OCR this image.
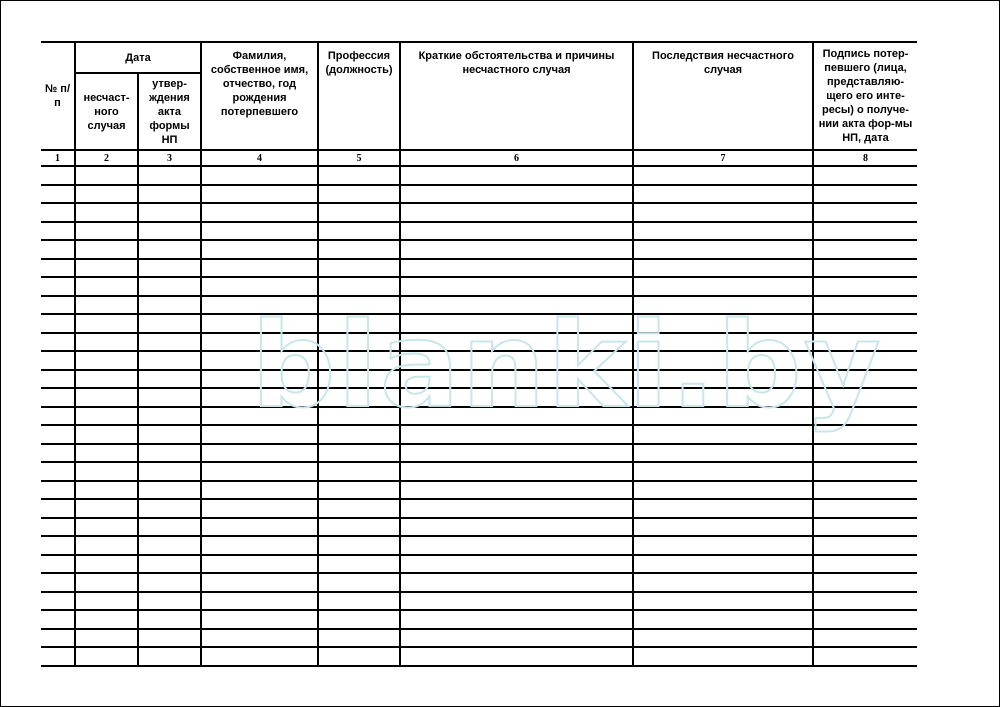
№ п/п	Дата		Фамилия, собственное имя, отчество, год рождения потерпевшего	Профессия (должность)	Краткие обстоятельства и причины несчастного случая	Последствия несчастного случая	Подпись потер-певшего (лица, представляю-щего его инте-ресы) о получе-нии акта фор-мы НП, дата
	несчаст-ного случая	утвер-ждения акта формы НП					
1	2	3	4	5	6	7	8

blanki.by
